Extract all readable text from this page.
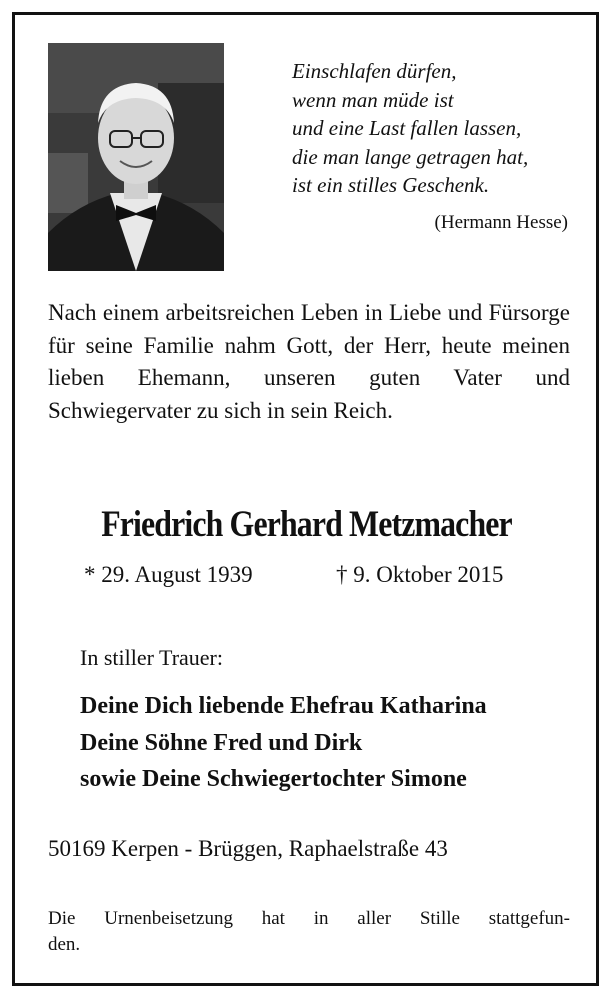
Einschlafen dürfen,
wenn man müde ist
und eine Last fallen lassen,
die man lange getragen hat,
ist ein stilles Geschenk.
(Hermann Hesse)
Nach einem arbeitsreichen Leben in Liebe und Fürsorge für seine Familie nahm Gott, der Herr, heute meinen lieben Ehemann, unseren guten Vater und Schwiegervater zu sich in sein Reich.
Friedrich Gerhard Metzmacher
* 29. August 1939	† 9. Oktober 2015
In stiller Trauer:
Deine Dich liebende Ehefrau Katharina
Deine Söhne Fred und Dirk
sowie Deine Schwiegertochter Simone
50169 Kerpen - Brüggen, Raphaelstraße 43
Die Urnenbeisetzung hat in aller Stille stattgefun-
den.
